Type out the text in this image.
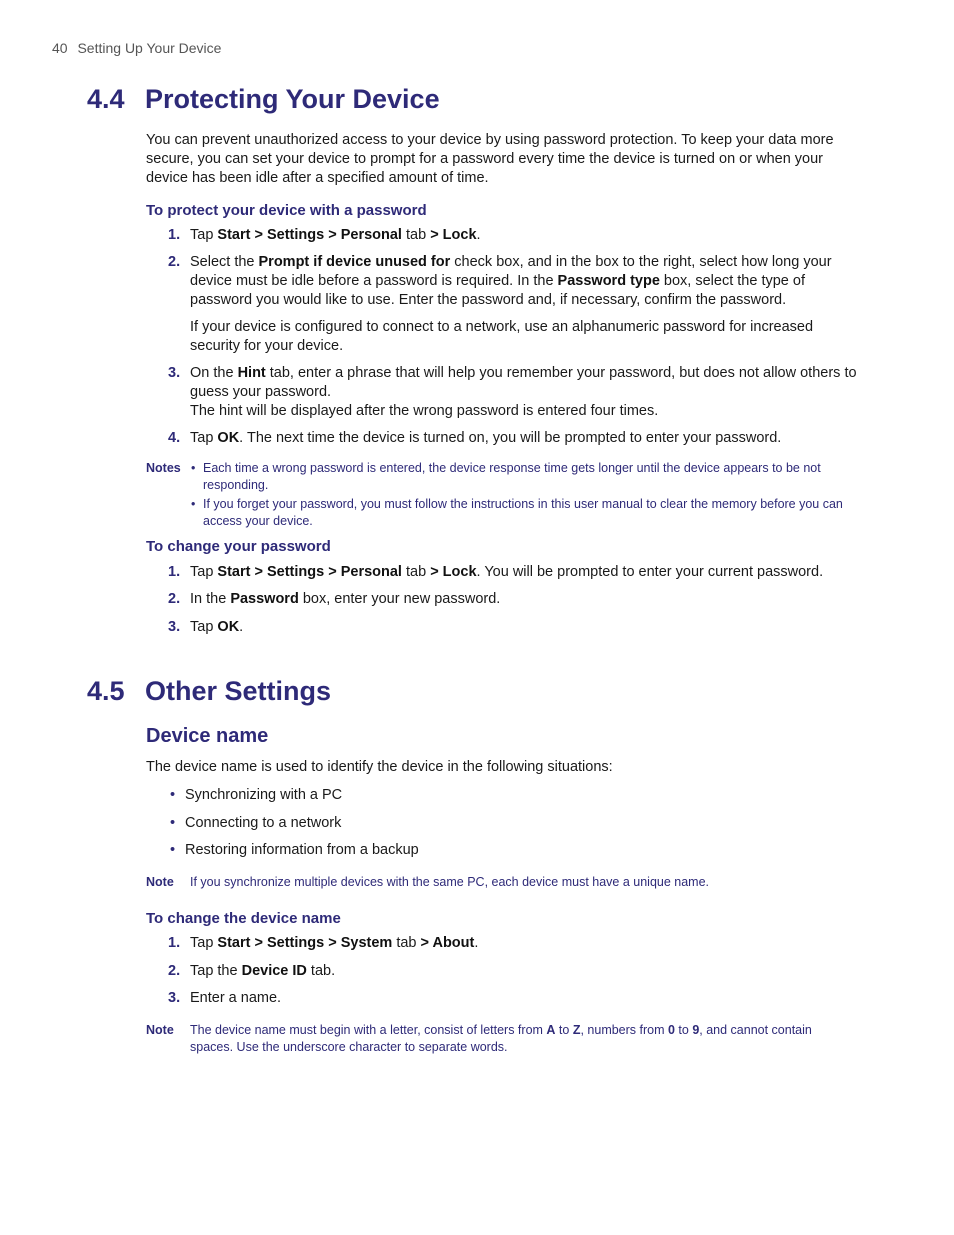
40 Setting Up Your Device
4.4 Protecting Your Device
You can prevent unauthorized access to your device by using password protection. To keep your data more secure, you can set your device to prompt for a password every time the device is turned on or when your device has been idle after a specified amount of time.
To protect your device with a password
1. Tap Start > Settings > Personal tab > Lock.

2. Select the Prompt if device unused for check box, and in the box to the right, select how long your device must be idle before a password is required. In the Password type box, select the type of password you would like to use. Enter the password and, if necessary, confirm the password.

If your device is configured to connect to a network, use an alphanumeric password for increased security for your device.

3. On the Hint tab, enter a phrase that will help you remember your password, but does not allow others to guess your password.

The hint will be displayed after the wrong password is entered four times.

4. Tap OK. The next time the device is turned on, you will be prompted to enter your password.

Notes • Each time a wrong password is entered, the device response time gets longer until the device appears to be not responding.
• If you forget your password, you must follow the instructions in this user manual to clear the memory before you can access your device.
To change your password
1. Tap Start > Settings > Personal tab > Lock. You will be prompted to enter your current password.

2. In the Password box, enter your new password.

3. Tap OK.

4.5 Other Settings
Device name
The device name is used to identify the device in the following situations:
• Synchronizing with a PC
• Connecting to a network
• Restoring information from a backup
Note If you synchronize multiple devices with the same PC, each device must have a unique name.
To change the device name
1. Tap Start > Settings > System tab > About.

2. Tap the Device ID tab.

3. Enter a name.

Note The device name must begin with a letter, consist of letters from A to Z, numbers from 0 to 9, and cannot contain spaces. Use the underscore character to separate words.
